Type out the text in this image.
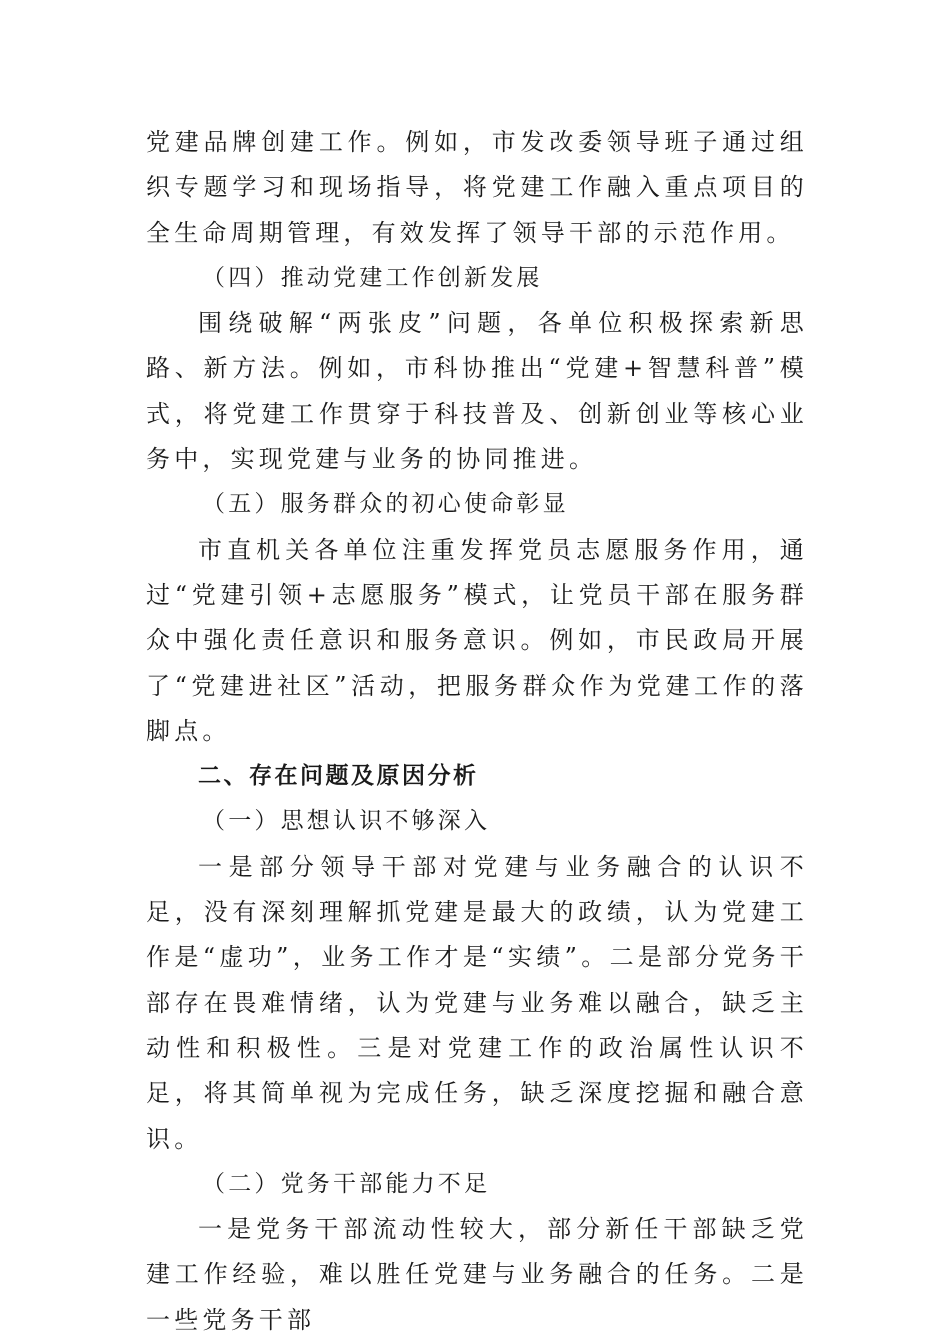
党建品牌创建工作。例如，市发改委领导班子通过组织专题学习和现场指导，将党建工作融入重点项目的全生命周期管理，有效发挥了领导干部的示范作用。

（四）推动党建工作创新发展

围绕破解“两张皮”问题，各单位积极探索新思路、新方法。例如，市科协推出“党建+智慧科普”模式，将党建工作贯穿于科技普及、创新创业等核心业务中，实现党建与业务的协同推进。

（五）服务群众的初心使命彰显

市直机关各单位注重发挥党员志愿服务作用，通过“党建引领+志愿服务”模式，让党员干部在服务群众中强化责任意识和服务意识。例如，市民政局开展了“党建进社区”活动，把服务群众作为党建工作的落脚点。

二、存在问题及原因分析

（一）思想认识不够深入

一是部分领导干部对党建与业务融合的认识不足，没有深刻理解抓党建是最大的政绩，认为党建工作是“虚功”，业务工作才是“实绩”。二是部分党务干部存在畏难情绪，认为党建与业务难以融合，缺乏主动性和积极性。三是对党建工作的政治属性认识不足，将其简单视为完成任务，缺乏深度挖掘和融合意识。

（二）党务干部能力不足

一是党务干部流动性较大，部分新任干部缺乏党建工作经验，难以胜任党建与业务融合的任务。二是一些党务干部
